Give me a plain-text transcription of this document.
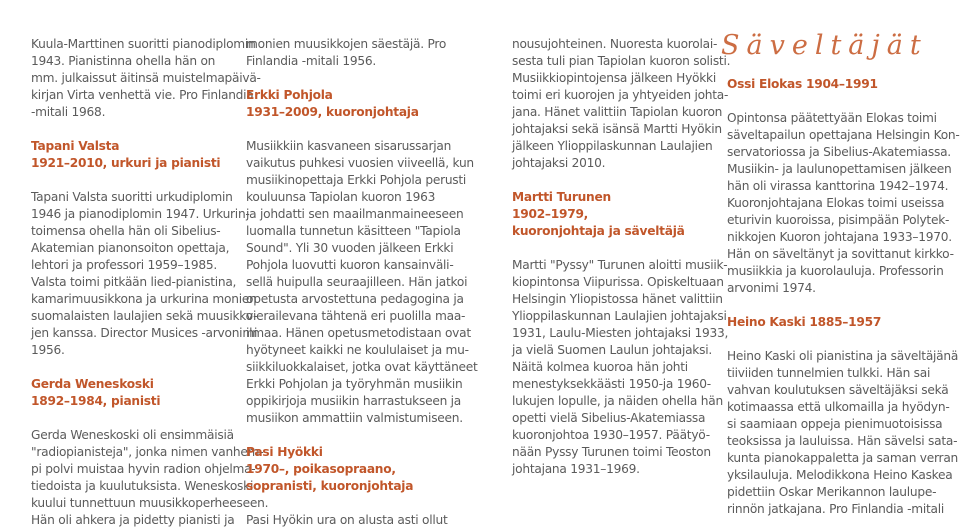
Säveltäjät

Kuula-Marttinen suoritti pianodiplomin

1943. Pianistinna ohella hän on

mm. julkaissut äitinsä muistelmapäivä-

kirjan Virta venhettä vie. Pro Finlandia

-mitali 1968.

Tapani Valsta

1921–2010, urkuri ja pianisti

Tapani Valsta suoritti urkudiplomin

1946 ja pianodiplomin 1947. Urkurin-

toimensa ohella hän oli Sibelius-

Akatemian pianonsoiton opettaja,

lehtori ja professori 1959–1985.

Valsta toimi pitkään lied-pianistina,

kamarimuusikkona ja urkurina monien

suomalaisten laulajien sekä muusikko-

jen kanssa. Director Musices -arvonimi

1956.

Gerda Weneskoski

1892–1984, pianisti

Gerda Weneskoski oli ensimmäisiä

"radiopianisteja", jonka nimen vanhem-

pi polvi muistaa hyvin radion ohjelma-

tiedoista ja kuulutuksista. Weneskoski

kuului tunnettuun muusikkoperheeseen.

Hän oli ahkera ja pidetty pianisti ja

monien muusikkojen säestäjä. Pro

Finlandia -mitali 1956.

Erkki Pohjola

1931–2009, kuoronjohtaja

Musiikkiin kasvaneen sisarussarjan

vaikutus puhkesi vuosien viiveellä, kun

musiikinopettaja Erkki Pohjola perusti

kouluunsa Tapiolan kuoron 1963

ja johdatti sen maailmanmaineeseen

luomalla tunnetun käsitteen "Tapiola

Sound". Yli 30 vuoden jälkeen Erkki

Pohjola luovutti kuoron kansainväli-

sellä huipulla seuraajilleen. Hän jatkoi

opetusta arvostettuna pedagogina ja

vierailevana tähtenä eri puolilla maa-

ilmaa. Hänen opetusmetodistaan ovat

hyötyneet kaikki ne koululaiset ja mu-

siikkiluokkalaiset, jotka ovat käyttäneet

Erkki Pohjolan ja työryhmän musiikin

oppikirjoja musiikin harrastukseen ja

musiikon ammattiin valmistumiseen.

Pasi Hyökki

1970–, poikasopraano,

sopranisti, kuoronjohtaja

Pasi Hyökin ura on alusta asti ollut

nousujohteinen. Nuoresta kuorolai-

sesta tuli pian Tapiolan kuoron solisti.

Musiikkiopintojensa jälkeen Hyökki

toimi eri kuorojen ja yhtyeiden johta-

jana. Hänet valittiin Tapiolan kuoron

johtajaksi sekä isänsä Martti Hyökin

jälkeen Ylioppilaskunnan Laulajien

johtajaksi 2010.

Martti Turunen

1902–1979,

kuoronjohtaja ja säveltäjä

Martti "Pyssy" Turunen aloitti musiik-

kiopintonsa Viipurissa. Opiskeltuaan

Helsingin Yliopistossa hänet valittiin

Ylioppilaskunnan Laulajien johtajaksi

1931, Laulu-Miesten johtajaksi 1933,

ja vielä Suomen Laulun johtajaksi.

Näitä kolmea kuoroa hän johti

menestyksekkäästi 1950-ja 1960-

lukujen lopulle, ja näiden ohella hän

opetti vielä Sibelius-Akatemiassa

kuoronjohtoa 1930–1957. Päätyö-

nään Pyssy Turunen toimi Teoston

johtajana 1931–1969.

Ossi Elokas 1904–1991

Opintonsa päätettyään Elokas toimi

säveltapailun opettajana Helsingin Kon-

servatoriossa ja Sibelius-Akatemiassa.

Musiikin- ja laulunopettamisen jälkeen

hän oli virassa kanttorina 1942–1974.

Kuoronjohtajana Elokas toimi useissa

eturivin kuoroissa, pisimpään Polytek-

nikkojen Kuoron johtajana 1933–1970.

Hän on säveltänyt ja sovittanut kirkko-

musiikkia ja kuorolauluja. Professorin

arvonimi 1974.

Heino Kaski 1885–1957

Heino Kaski oli pianistina ja säveltäjänä

tiiviiden tunnelmien tulkki. Hän sai

vahvan koulutuksen säveltäjäksi sekä

kotimaassa että ulkomailla ja hyödyn-

si saamiaan oppeja pienimuotoisissa

teoksissa ja lauluissa. Hän sävelsi sata-

kunta pianokappaletta ja saman verran

yksilauluja. Melodikkona Heino Kaskea

pidettiin Oskar Merikannon laulupe-

rinnön jatkajana. Pro Finlandia -mitali
